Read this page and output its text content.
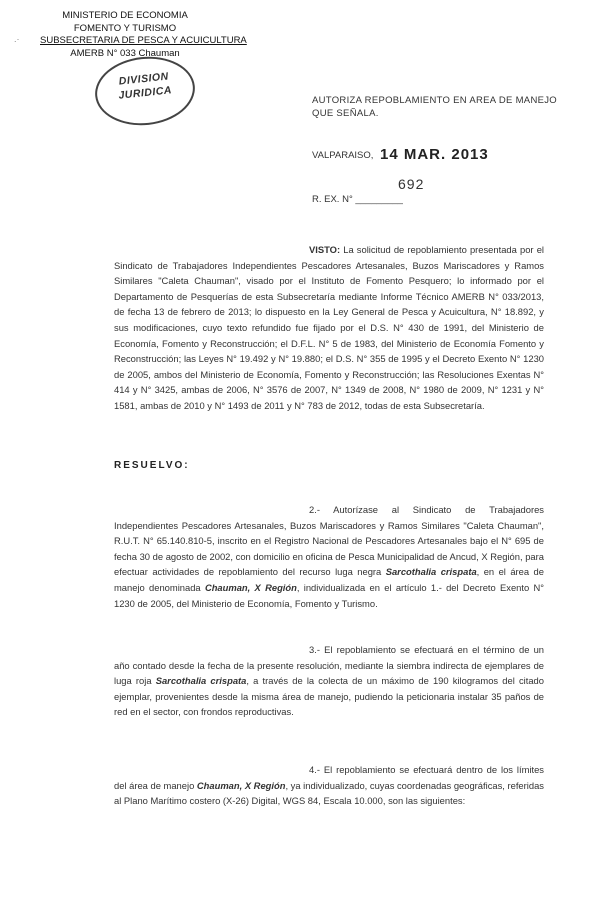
.·
MINISTERIO DE ECONOMIA
FOMENTO Y TURISMO
SUBSECRETARIA DE PESCA Y ACUICULTURA
AMERB N° 033 Chauman
DIVISION
JURIDICA	AUTORIZA REPOBLAMIENTO EN AREA DE MANEJO QUE SEÑALA.
VALPARAISO, 14 MAR. 2013
692
R. EX. N° _________
VISTO: La solicitud de repoblamiento presentada por el Sindicato de Trabajadores Independientes Pescadores Artesanales, Buzos Mariscadores y Ramos Similares "Caleta Chauman", visado por el Instituto de Fomento Pesquero; lo informado por el Departamento de Pesquerías de esta Subsecretaría mediante Informe Técnico AMERB N° 033/2013, de fecha 13 de febrero de 2013; lo dispuesto en la Ley General de Pesca y Acuicultura, N° 18.892, y sus modificaciones, cuyo texto refundido fue fijado por el D.S. N° 430 de 1991, del Ministerio de Economía, Fomento y Reconstrucción; el D.F.L. N° 5 de 1983, del Ministerio de Economía Fomento y Reconstrucción; las Leyes N° 19.492 y N° 19.880; el D.S. N° 355 de 1995 y el Decreto Exento N° 1230 de 2005, ambos del Ministerio de Economía, Fomento y Reconstrucción; las Resoluciones Exentas N° 414 y N° 3425, ambas de 2006, N° 3576 de 2007, N° 1349 de 2008, N° 1980 de 2009, N° 1231 y N° 1581, ambas de 2010 y N° 1493 de 2011 y N° 783 de 2012, todas de esta Subsecretaría.
RESUELVO:
2.- Autorízase al Sindicato de Trabajadores Independientes Pescadores Artesanales, Buzos Mariscadores y Ramos Similares "Caleta Chauman", R.U.T. N° 65.140.810-5, inscrito en el Registro Nacional de Pescadores Artesanales bajo el N° 695 de fecha 30 de agosto de 2002, con domicilio en oficina de Pesca Municipalidad de Ancud, X Región, para efectuar actividades de repoblamiento del recurso luga negra Sarcothalia crispata, en el área de manejo denominada Chauman, X Región, individualizada en el artículo 1.- del Decreto Exento N° 1230 de 2005, del Ministerio de Economía, Fomento y Turismo.
3.- El repoblamiento se efectuará en el término de un año contado desde la fecha de la presente resolución, mediante la siembra indirecta de ejemplares de luga roja Sarcothalia crispata, a través de la colecta de un máximo de 190 kilogramos del citado ejemplar, provenientes desde la misma área de manejo, pudiendo la peticionaria instalar 35 paños de red en el sector, con frondos reproductivas.
4.- El repoblamiento se efectuará dentro de los límites del área de manejo Chauman, X Región, ya individualizado, cuyas coordenadas geográficas, referidas al Plano Marítimo costero (X-26) Digital, WGS 84, Escala 10.000, son las siguientes:
